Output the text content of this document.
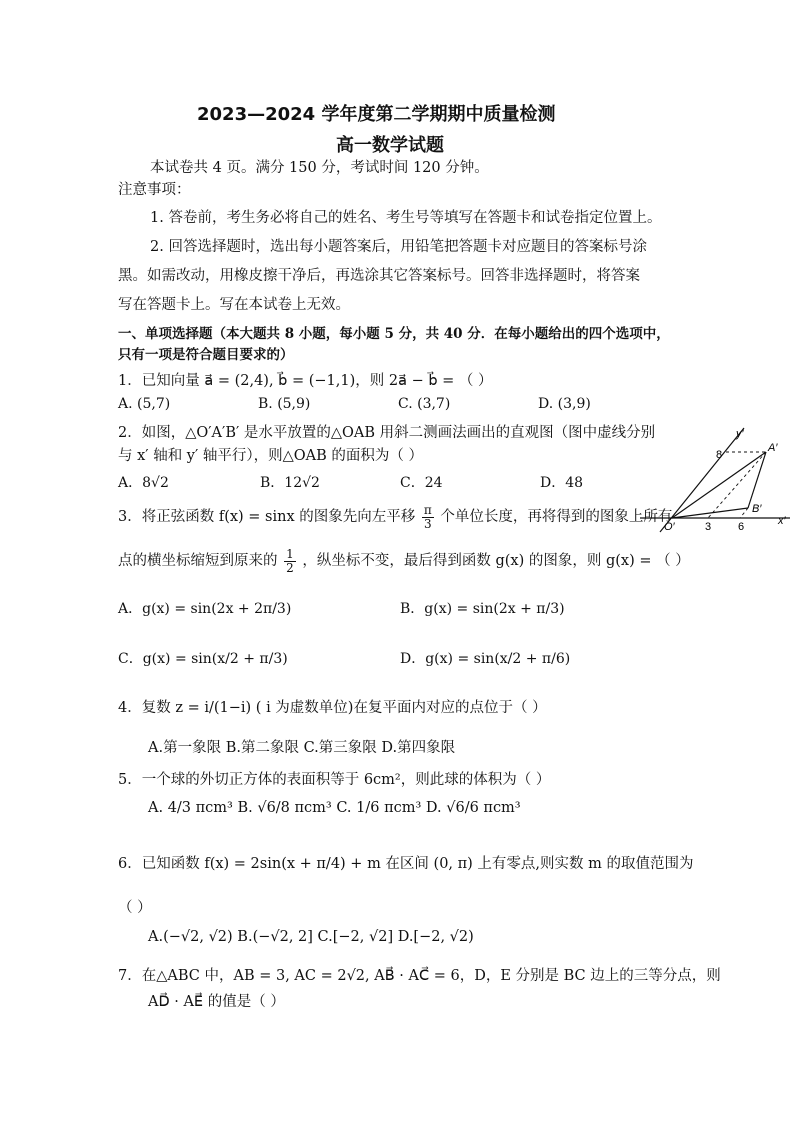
2023—2024 学年度第二学期期中质量检测
高一数学试题
本试卷共 4 页。满分 150 分，考试时间 120 分钟。
注意事项：
1. 答卷前，考生务必将自己的姓名、考生号等填写在答题卡和试卷指定位置上。
2. 回答选择题时，选出每小题答案后，用铅笔把答题卡对应题目的答案标号涂
黑。如需改动，用橡皮擦干净后，再选涂其它答案标号。回答非选择题时，将答案
写在答题卡上。写在本试卷上无效。
一、单项选择题（本大题共 8 小题，每小题 5 分，共 40 分．在每小题给出的四个选项中，
只有一项是符合题目要求的）
1．已知向量 a⃗ = (2,4), b⃗ = (−1,1)，则 2a⃗ − b⃗ = （ ）
A. (5,7)	B. (5,9)	C. (3,7)	D. (3,9)
2．如图，△O′A′B′ 是水平放置的△OAB 用斜二测画法画出的直观图（图中虚线分别
与 x′ 轴和 y′ 轴平行），则△OAB 的面积为（ ）
A．8√2	B．12√2	C．24	D．48
y′
x′
O′
A′
B′
8
3 6
3．将正弦函数 f(x) = sinx 的图象先向左平移 $\frac{\pi}{3}$ 个单位长度，再将得到的图象上所有
点的横坐标缩短到原来的 $\frac{1}{2}$ ，纵坐标不变，最后得到函数 g(x) 的图象，则 g(x) = （ ）
A．g(x) = sin(2x + 2π/3)	B．g(x) = sin(2x + π/3)
C．g(x) = sin(x/2 + π/3)	D．g(x) = sin(x/2 + π/6)
4．复数 z = i/(1−i) ( i 为虚数单位)在复平面内对应的点位于（ ）
A.第一象限 B.第二象限 C.第三象限 D.第四象限
5．一个球的外切正方体的表面积等于 6cm²，则此球的体积为（ ）
A. 4/3 πcm³ B. √6/8 πcm³ C. 1/6 πcm³ D. √6/6 πcm³
6．已知函数 f(x) = 2sin(x + π/4) + m 在区间 (0, π) 上有零点,则实数 m 的取值范围为
（ ）
A.(−√2, √2) B.(−√2, 2] C.[−2, √2] D.[−2, √2)
7．在△ABC 中，AB = 3, AC = 2√2, AB⃗ · AC⃗ = 6，D，E 分别是 BC 边上的三等分点，则
AD⃗ · AE⃗ 的值是（ ）
